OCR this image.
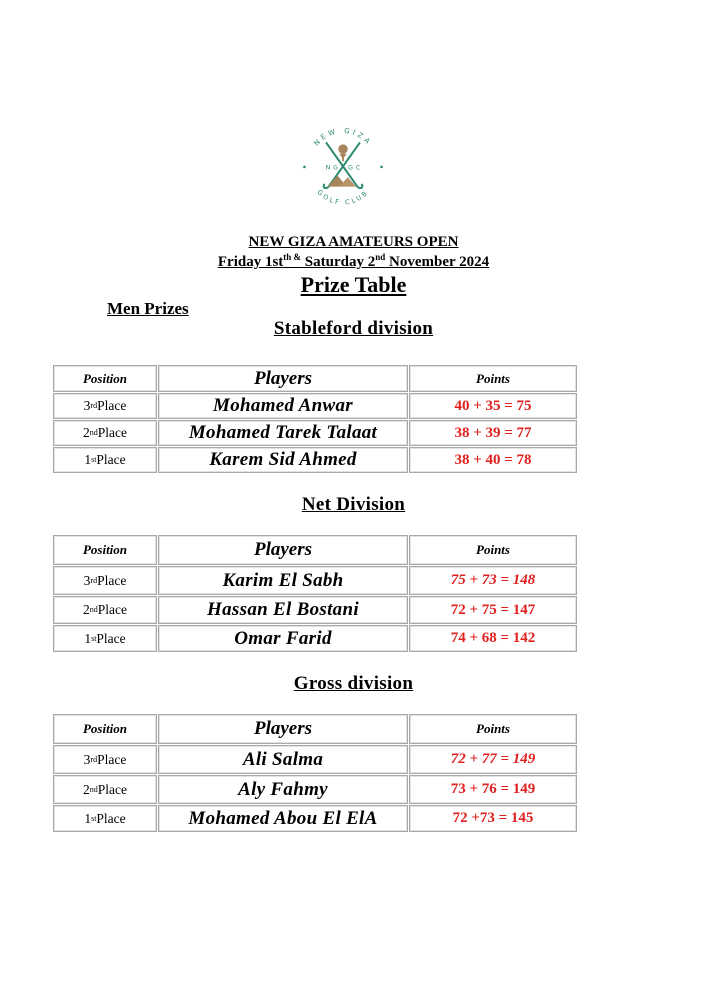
NEW GIZA
GOLF CLUB
N G G C
NEW GIZA AMATEURS OPEN
Friday $1st^{th \&}$ Saturday 2nd November 2024
Prize Table
Men Prizes
Stableford division
Position	Players	Points
3 rd Place	Mohamed Anwar	40 + 35 = 75
2 nd Place	Mohamed Tarek Talaat	38 + 39 = 77
1 st Place	Karem Sid Ahmed	38 + 40 = 78
Net Division
Position	Players	Points
3 rd Place	Karim El Sabh	75 + 73 = 148
2 nd Place	Hassan El Bostani	72 + 75 = 147
1 st Place	Omar Farid	74 + 68 = 142
Gross division
Position	Players	Points
3 rd Place	Ali Salma	72 + 77 = 149
2 nd Place	Aly Fahmy	73 + 76 = 149
1 st Place	Mohamed Abou El ElA	72 +73 = 145
